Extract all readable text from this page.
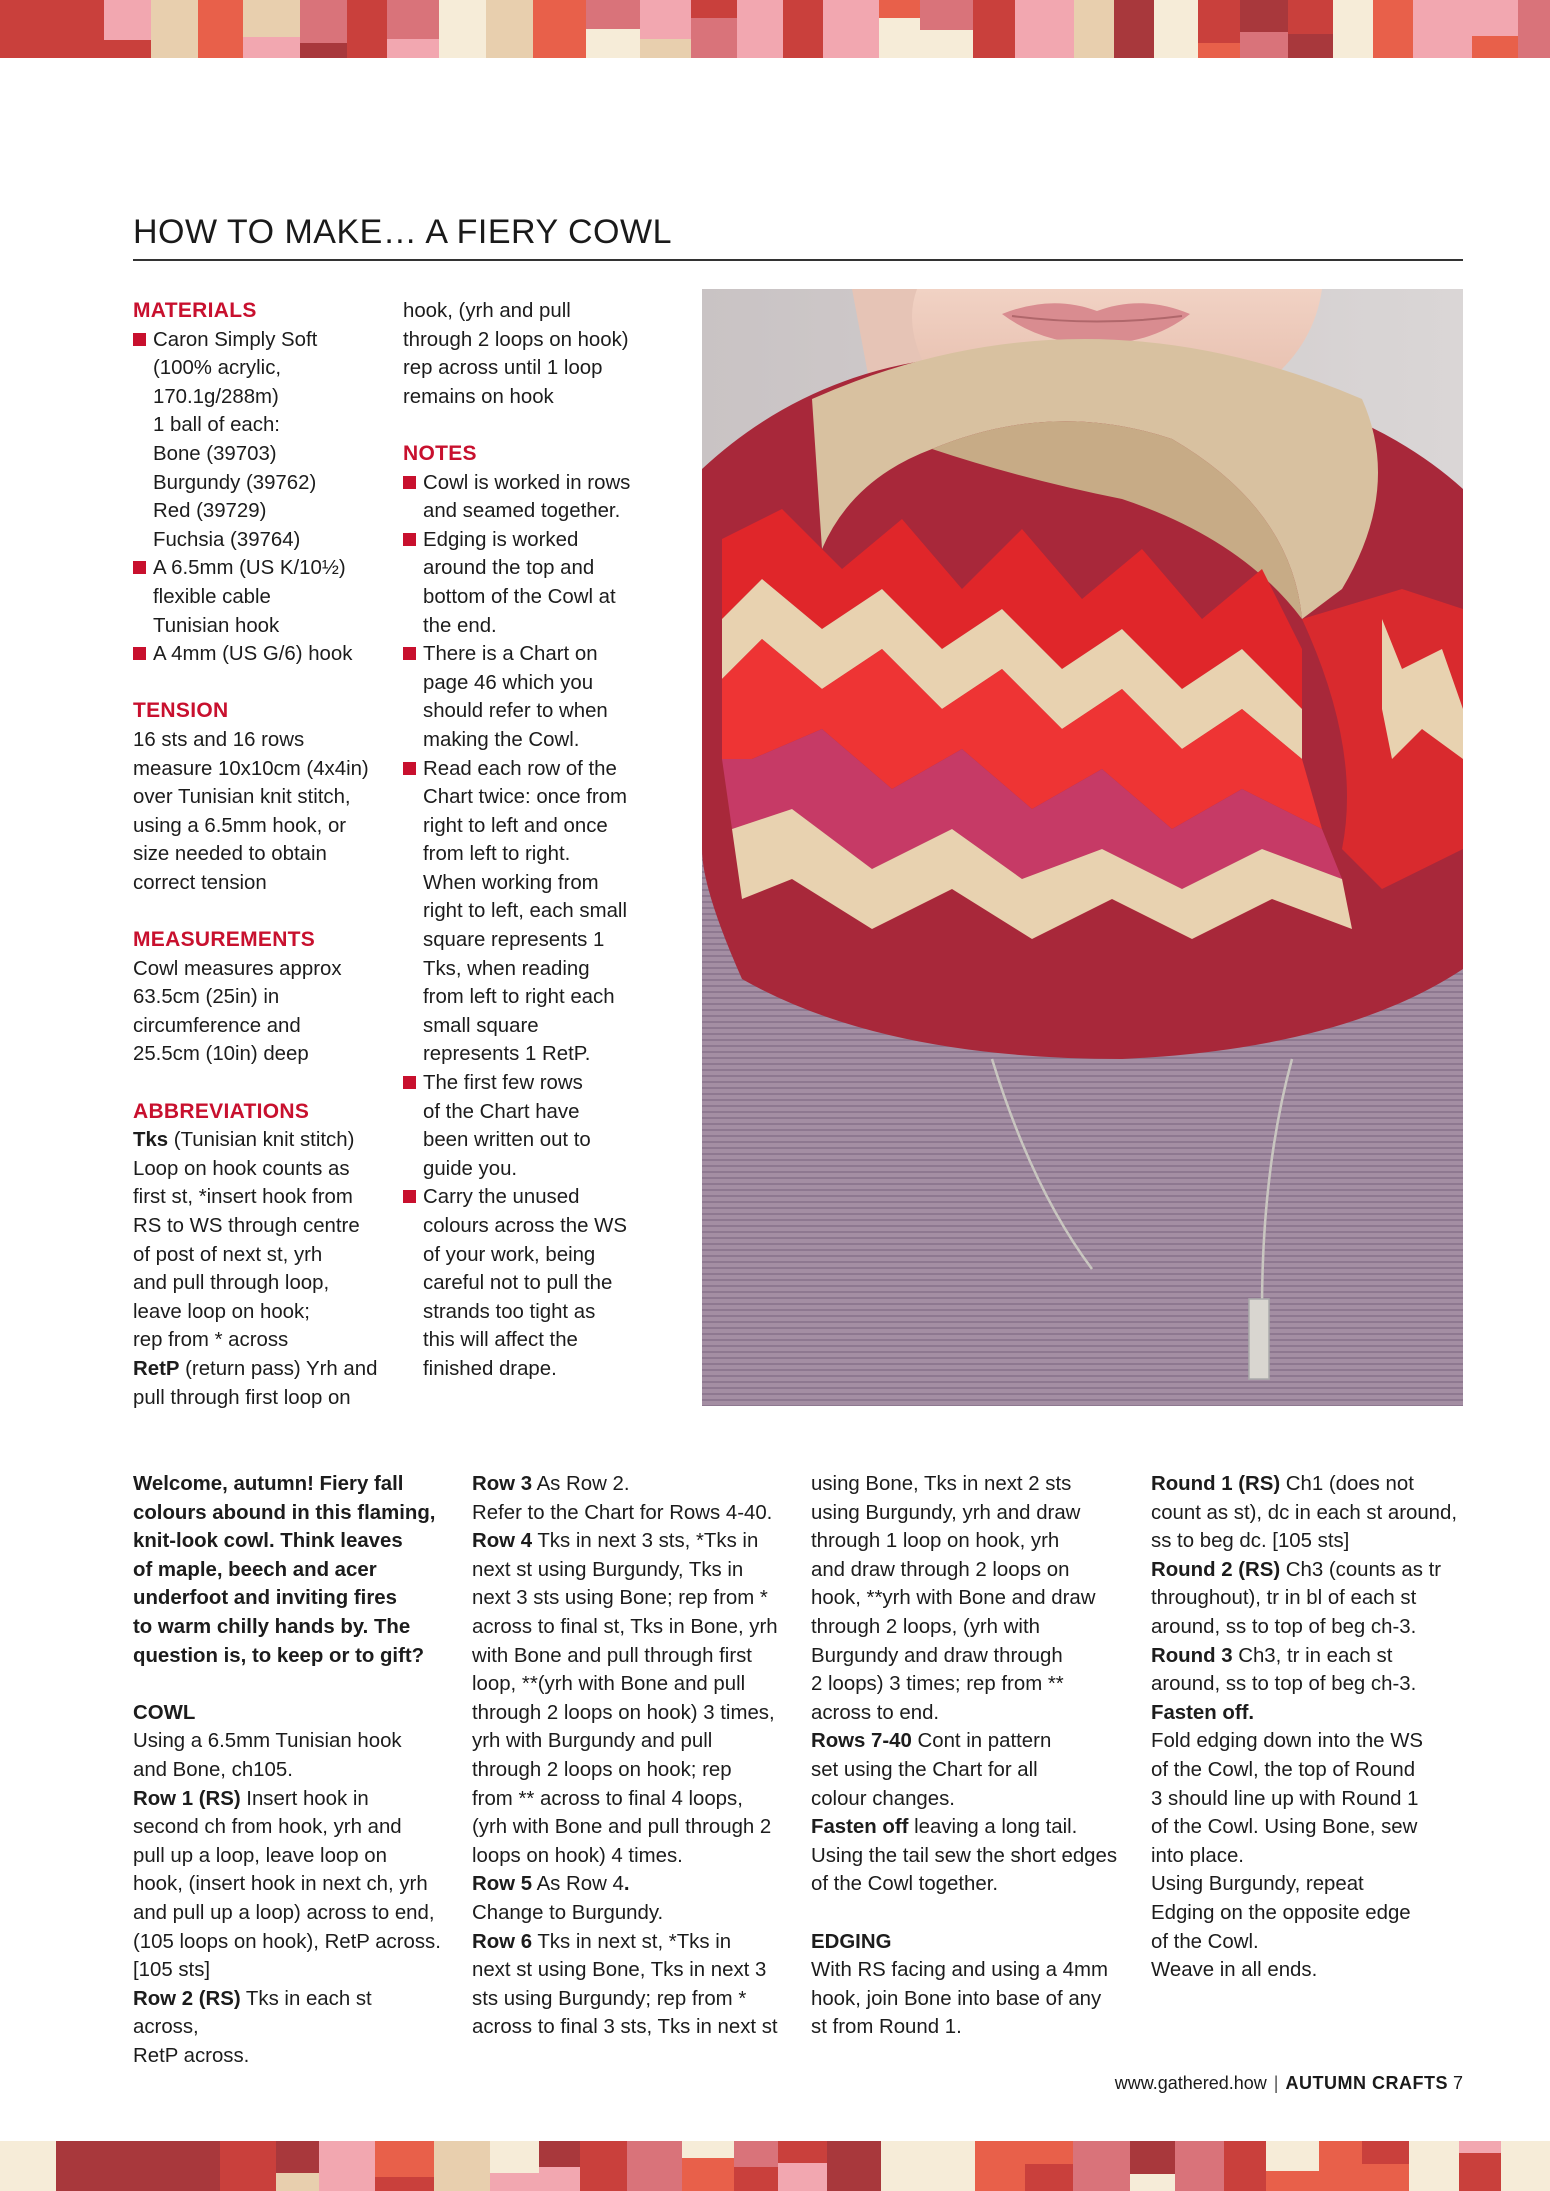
HOW TO MAKE… A FIERY COWL

MATERIALS

Caron Simply Soft

(100% acrylic,

170.1g/288m)

1 ball of each:

Bone (39703)

Burgundy (39762)

Red (39729)

Fuchsia (39764)

A 6.5mm (US K/10½)

flexible cable

Tunisian hook

A 4mm (US G/6) hook

TENSION

16 sts and 16 rows

measure 10x10cm (4x4in)

over Tunisian knit stitch,

using a 6.5mm hook, or

size needed to obtain

correct tension

MEASUREMENTS

Cowl measures approx

63.5cm (25in) in

circumference and

25.5cm (10in) deep

ABBREVIATIONS

Tks (Tunisian knit stitch)

Loop on hook counts as

first st, *insert hook from

RS to WS through centre

of post of next st, yrh

and pull through loop,

leave loop on hook;

rep from * across

RetP (return pass) Yrh and

pull through first loop on

hook, (yrh and pull

through 2 loops on hook)

rep across until 1 loop

remains on hook

NOTES

Cowl is worked in rows

and seamed together.

Edging is worked

around the top and

bottom of the Cowl at

the end.

There is a Chart on

page 46 which you

should refer to when

making the Cowl.

Read each row of the

Chart twice: once from

right to left and once

from left to right.

When working from

right to left, each small

square represents 1

Tks, when reading

from left to right each

small square

represents 1 RetP.

The first few rows

of the Chart have

been written out to

guide you.

Carry the unused

colours across the WS

of your work, being

careful not to pull the

strands too tight as

this will affect the

finished drape.

Welcome, autumn! Fiery fall

colours abound in this flaming,

knit-look cowl. Think leaves

of maple, beech and acer

underfoot and inviting fires

to warm chilly hands by. The

question is, to keep or to gift?

COWL

Using a 6.5mm Tunisian hook

and Bone, ch105.

Row 1 (RS) Insert hook in

second ch from hook, yrh and

pull up a loop, leave loop on

hook, (insert hook in next ch, yrh

and pull up a loop) across to end,

(105 loops on hook), RetP across.

[105 sts]

Row 2 (RS) Tks in each st across,

RetP across.

Row 3 As Row 2.

Refer to the Chart for Rows 4-40.

Row 4 Tks in next 3 sts, *Tks in

next st using Burgundy, Tks in

next 3 sts using Bone; rep from *

across to final st, Tks in Bone, yrh

with Bone and pull through first

loop, **(yrh with Bone and pull

through 2 loops on hook) 3 times,

yrh with Burgundy and pull

through 2 loops on hook; rep

from ** across to final 4 loops,

(yrh with Bone and pull through 2

loops on hook) 4 times.

Row 5 As Row 4.

Change to Burgundy.

Row 6 Tks in next st, *Tks in

next st using Bone, Tks in next 3

sts using Burgundy; rep from *

across to final 3 sts, Tks in next st

using Bone, Tks in next 2 sts

using Burgundy, yrh and draw

through 1 loop on hook, yrh

and draw through 2 loops on

hook, **yrh with Bone and draw

through 2 loops, (yrh with

Burgundy and draw through

2 loops) 3 times; rep from **

across to end.

Rows 7-40 Cont in pattern

set using the Chart for all

colour changes.

Fasten off leaving a long tail.

Using the tail sew the short edges

of the Cowl together.

EDGING

With RS facing and using a 4mm

hook, join Bone into base of any

st from Round 1.

Round 1 (RS) Ch1 (does not

count as st), dc in each st around,

ss to beg dc. [105 sts]

Round 2 (RS) Ch3 (counts as tr

throughout), tr in bl of each st

around, ss to top of beg ch-3.

Round 3 Ch3, tr in each st

around, ss to top of beg ch-3.

Fasten off.

Fold edging down into the WS

of the Cowl, the top of Round

3 should line up with Round 1

of the Cowl. Using Bone, sew

into place.

Using Burgundy, repeat

Edging on the opposite edge

of the Cowl.

Weave in all ends.

www.gathered.how | AUTUMN CRAFTS 7
